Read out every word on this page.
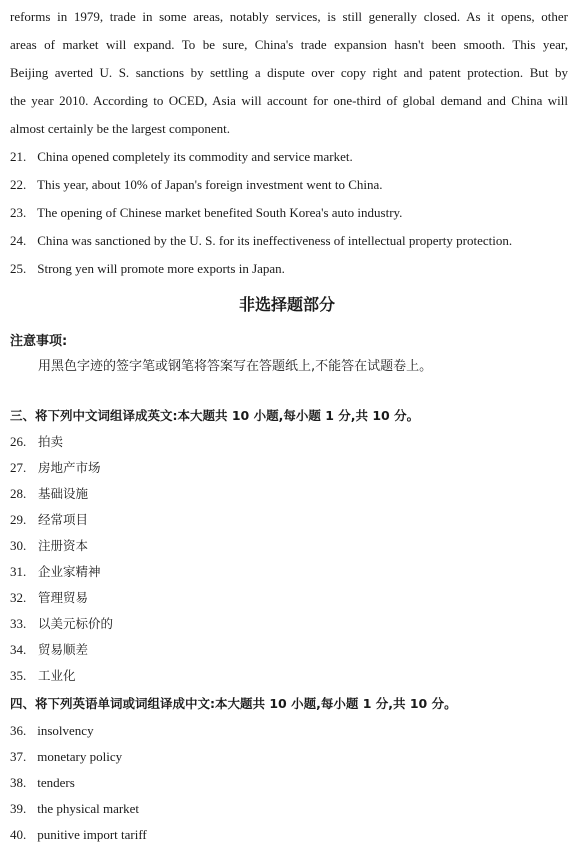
reforms in 1979, trade in some areas, notably services, is still generally closed. As it opens, other
areas of market will expand. To be sure, China's trade expansion hasn't been smooth. This year,
Beijing averted U. S. sanctions by settling a dispute over copy right and patent protection. But by
the year 2010. According to OCED, Asia will account for one-third of global demand and China will
almost certainly be the largest component.
21. China opened completely its commodity and service market.
22. This year, about 10% of Japan's foreign investment went to China.
23. The opening of Chinese market benefited South Korea's auto industry.
24. China was sanctioned by the U. S. for its ineffectiveness of intellectual property protection.
25. Strong yen will promote more exports in Japan.
非选择题部分
注意事项:
用黑色字迹的签字笔或钢笔将答案写在答题纸上,不能答在试题卷上。
三、将下列中文词组译成英文:本大题共 10 小题,每小题 1 分,共 10 分。
26. 拍卖
27. 房地产市场
28. 基础设施
29. 经常项目
30. 注册资本
31. 企业家精神
32. 管理贸易
33. 以美元标价的
34. 贸易顺差
35. 工业化
四、将下列英语单词或词组译成中文:本大题共 10 小题,每小题 1 分,共 10 分。
36. insolvency
37. monetary policy
38. tenders
39. the physical market
40. punitive import tariff
